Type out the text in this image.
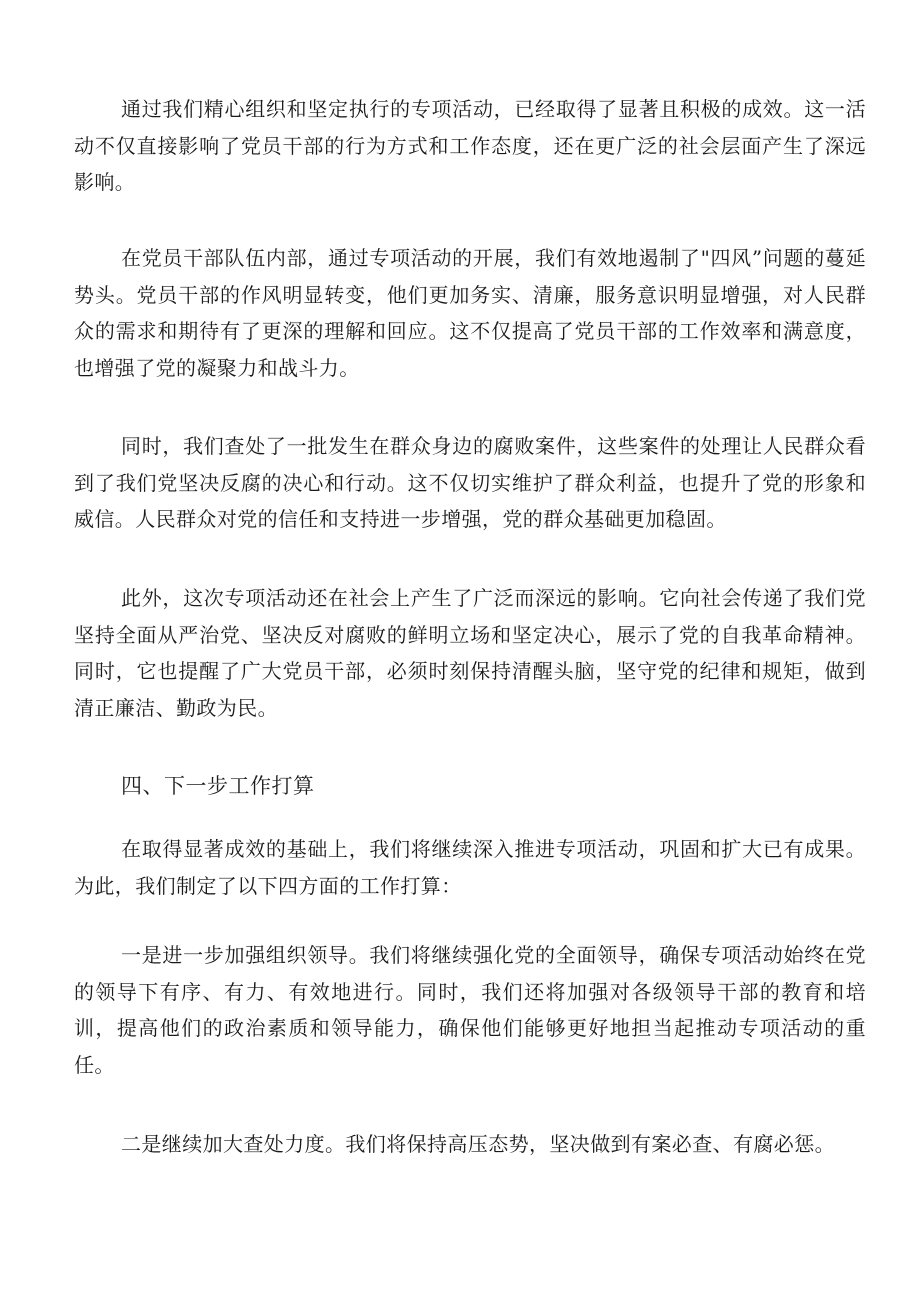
通过我们精心组织和坚定执行的专项活动，已经取得了显著且积极的成效。这一活动不仅直接影响了党员干部的行为方式和工作态度，还在更广泛的社会层面产生了深远影响。

在党员干部队伍内部，通过专项活动的开展，我们有效地遏制了"四风”问题的蔓延势头。党员干部的作风明显转变，他们更加务实、清廉，服务意识明显增强，对人民群众的需求和期待有了更深的理解和回应。这不仅提高了党员干部的工作效率和满意度，也增强了党的凝聚力和战斗力。

同时，我们查处了一批发生在群众身边的腐败案件，这些案件的处理让人民群众看到了我们党坚决反腐的决心和行动。这不仅切实维护了群众利益，也提升了党的形象和威信。人民群众对党的信任和支持进一步增强，党的群众基础更加稳固。

此外，这次专项活动还在社会上产生了广泛而深远的影响。它向社会传递了我们党坚持全面从严治党、坚决反对腐败的鲜明立场和坚定决心，展示了党的自我革命精神。同时，它也提醒了广大党员干部，必须时刻保持清醒头脑，坚守党的纪律和规矩，做到清正廉洁、勤政为民。

四、下一步工作打算

在取得显著成效的基础上，我们将继续深入推进专项活动，巩固和扩大已有成果。为此，我们制定了以下四方面的工作打算：

一是进一步加强组织领导。我们将继续强化党的全面领导，确保专项活动始终在党的领导下有序、有力、有效地进行。同时，我们还将加强对各级领导干部的教育和培训，提高他们的政治素质和领导能力，确保他们能够更好地担当起推动专项活动的重任。

二是继续加大查处力度。我们将保持高压态势，坚决做到有案必查、有腐必惩。
